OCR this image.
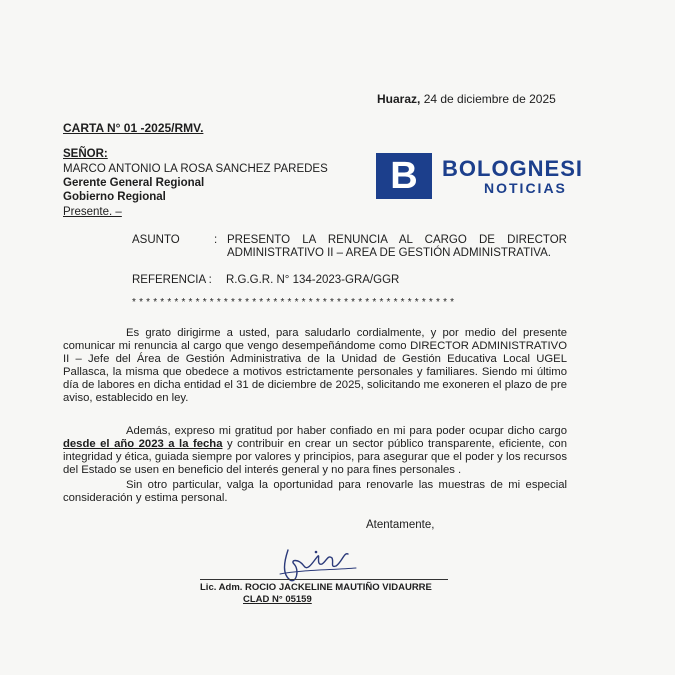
Huaraz, 24 de diciembre de 2025
CARTA N° 01 -2025/RMV.
SEÑOR:
MARCO ANTONIO LA ROSA SANCHEZ PAREDES
Gerente General Regional
Gobierno Regional
Presente. –
B	BOLOGNESI
NOTICIAS
ASUNTO	: PRESENTO LA RENUNCIA AL CARGO DE DIRECTOR
ADMINISTRATIVO II – AREA DE GESTIÓN ADMINISTRATIVA.
REFERENCIA : R.G.G.R. N° 134-2023-GRA/GGR
* * * * * * * * * * * * * * * * * * * * * * * * * * * * * * * * * * * * * * * * * * * * * *
Es grato dirigirme a usted, para saludarlo cordialmente, y por medio del presente comunicar mi renuncia al cargo que vengo desempeñándome como DIRECTOR ADMINISTRATIVO II – Jefe del Área de Gestión Administrativa de la Unidad de Gestión Educativa Local UGEL Pallasca, la misma que obedece a motivos estrictamente personales y familiares. Siendo mi último día de labores en dicha entidad el 31 de diciembre de 2025, solicitando me exoneren el plazo de pre aviso, establecido en ley.
Además, expreso mi gratitud por haber confiado en mi para poder ocupar dicho cargo desde el año 2023 a la fecha y contribuir en crear un sector público transparente, eficiente, con integridad y ética, guiada siempre por valores y principios, para asegurar que el poder y los recursos del Estado se usen en beneficio del interés general y no para fines personales .
Sin otro particular, valga la oportunidad para renovarle las muestras de mi especial consideración y estima personal.
Atentamente,
Lic. Adm. ROCIO JACKELINE MAUTIÑO VIDAURRE
CLAD N° 05159
